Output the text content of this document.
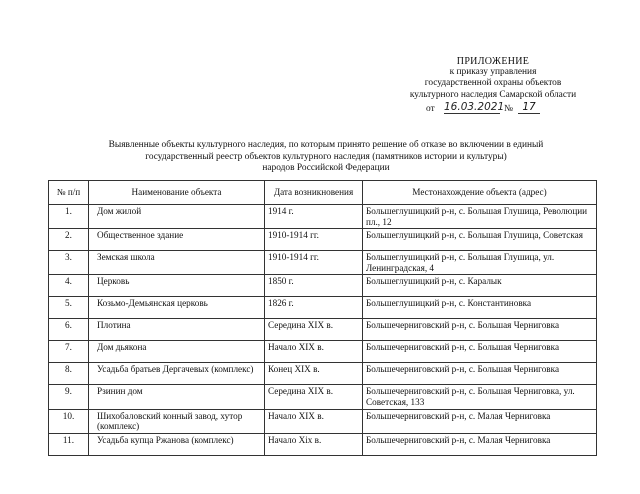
ПРИЛОЖЕНИЕ
к приказу управления
государственной охраны объектов
культурного наследия Самарской области
от 16.03.2021 № 17
Выявленные объекты культурного наследия, по которым принято решение об отказе во включении в единый
государственный реестр объектов культурного наследия (памятников истории и культуры)
народов Российской Федерации
№ п/п	Наименование объекта	Дата возникновения	Местонахождение объекта (адрес)
1.	Дом жилой	1914 г.	Большеглушицкий р-н, с. Большая Глушица, Революции пл., 12
2.	Общественное здание	1910-1914 гг.	Большеглушицкий р-н, с. Большая Глушица, Советская
3.	Земская школа	1910-1914 гг.	Большеглушицкий р-н, с. Большая Глушица, ул. Ленинградская, 4
4.	Церковь	1850 г.	Большеглушицкий р-н, с. Каралык
5.	Козьмо-Демьянская церковь	1826 г.	Большеглушицкий р-н, с. Константиновка
6.	Плотина	Середина XIX в.	Большечерниговский р-н, с. Большая Черниговка
7.	Дом дьякона	Начало XIX в.	Большечерниговский р-н, с. Большая Черниговка
8.	Усадьба братьев Дергачевых (комплекс)	Конец XIX в.	Большечерниговский р-н, с. Большая Черниговка
9.	Рзинин дом	Середина XIX в.	Большечерниговский р-н, с. Большая Черниговка, ул. Советская, 133
10.	Шихобаловский конный завод, хутор (комплекс)	Начало XIX в.	Большечерниговский р-н, с. Малая Черниговка
11.	Усадьба купца Ржанова (комплекс)	Начало Xix в.	Большечерниговский р-н, с. Малая Черниговка
